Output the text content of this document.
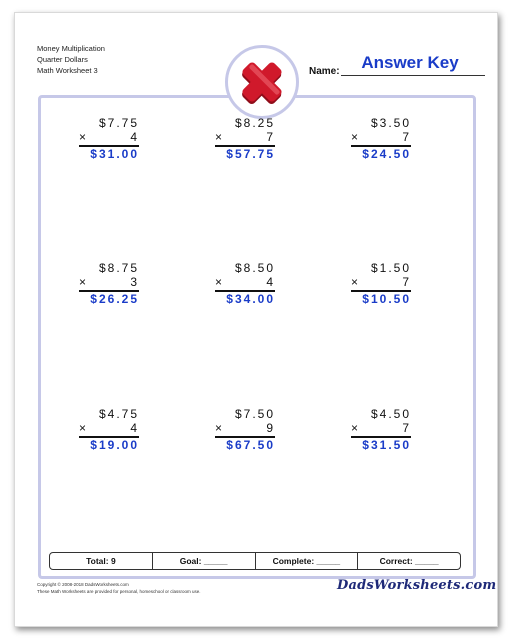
Money Multiplication
Quarter Dollars
Math Worksheet 3	Name:	Answer Key
$7.75
×	4
$31.00
$8.25
×	7
$57.75
$3.50
×	7
$24.50
$8.75
×	3
$26.25
$8.50
×	4
$34.00
$1.50
×	7
$10.50
$4.75
×	4
$19.00
$7.50
×	9
$67.50
$4.50
×	7
$31.50
Total: 9	Goal: _____	Complete: _____	Correct: _____
Copyright © 2008-2018 DadsWorksheets.com
These Math Worksheets are provided for personal, homeschool or classroom use.	DadsWorksheets.com
